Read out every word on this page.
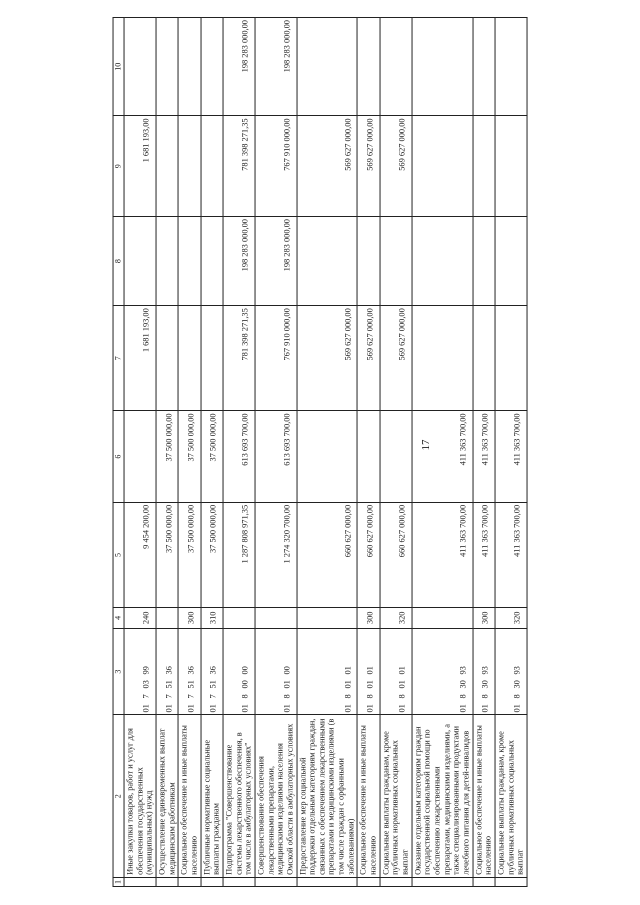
17
1	2	3	4	5	6	7	8	9	10
	Иные закупки товаров, работ и услуг для обеспечения государственных (муниципальных) нужд	0170399	240	9 454 200,00		1 681 193,00		1 681 193,00	
	Осуществление единовременных выплат медицинским работникам	0175136		37 500 000,00	37 500 000,00				
	Социальное обеспечение и иные выплаты населению	0175136	300	37 500 000,00	37 500 000,00				
	Публичные нормативные социальные выплаты гражданам	0175136	310	37 500 000,00	37 500 000,00				
	Подпрограмма "Совершенствование системы лекарственного обеспечения, в том числе в амбулаторных условиях"	0180000		1 287 808 971,35	613 693 700,00	781 398 271,35	198 283 000,00	781 398 271,35	198 283 000,00
	Совершенствование обеспечения лекарственными препаратами, медицинскими изделиями населения Омской области в амбулаторных условиях	0180100		1 274 320 700,00	613 693 700,00	767 910 000,00	198 283 000,00	767 910 000,00	198 283 000,00
	Предоставление мер социальной поддержки отдельным категориям граждан, связанных с обеспечением лекарственными препаратами и медицинскими изделиями (в том числе граждан с орфанными заболеваниями)	0180101		660 627 000,00		569 627 000,00		569 627 000,00	
	Социальное обеспечение и иные выплаты населению	0180101	300	660 627 000,00		569 627 000,00		569 627 000,00	
	Социальные выплаты гражданам, кроме публичных нормативных социальных выплат	0180101	320	660 627 000,00		569 627 000,00		569 627 000,00	
	Оказание отдельным категориям граждан государственной социальной помощи по обеспечению лекарственными препаратами, медицинскими изделиями, а также специализированными продуктами лечебного питания для детей-инвалидов	0183093		411 363 700,00	411 363 700,00				
	Социальное обеспечение и иные выплаты населению	0183093	300	411 363 700,00	411 363 700,00				
	Социальные выплаты гражданам, кроме публичных нормативных социальных выплат	0183093	320	411 363 700,00	411 363 700,00				
